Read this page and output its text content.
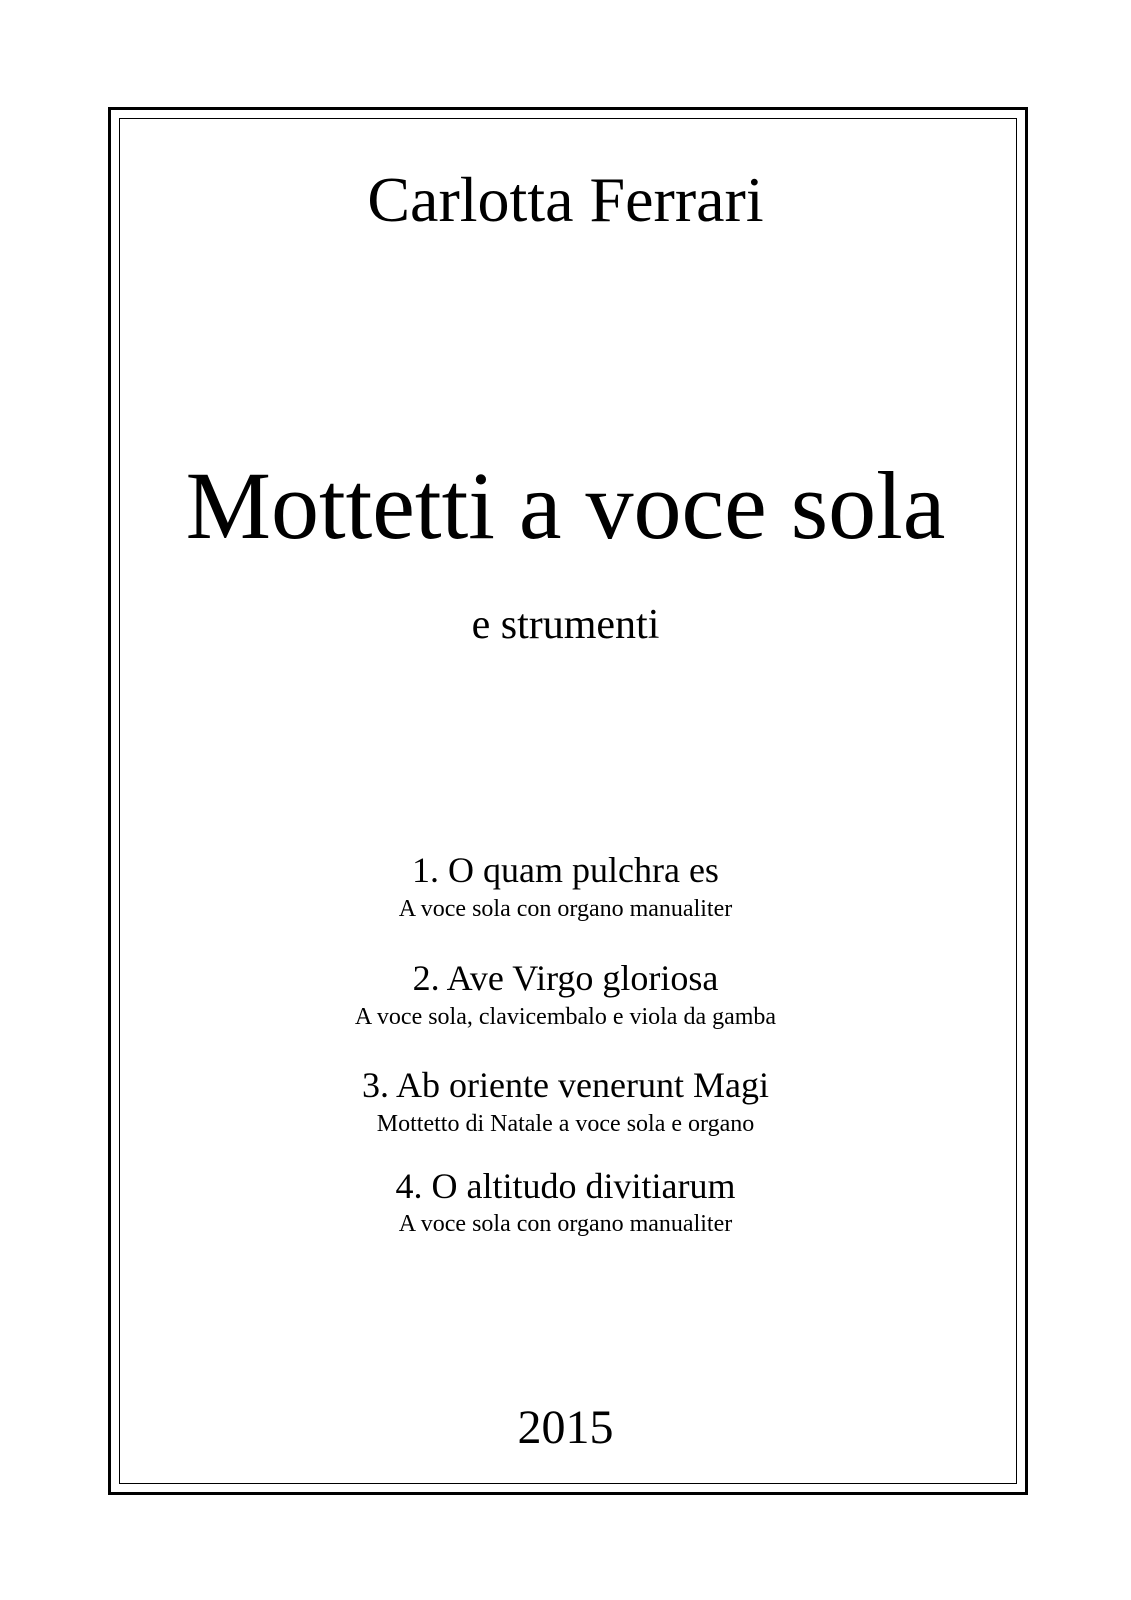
Carlotta Ferrari
Mottetti a voce sola
e strumenti
1. O quam pulchra es
A voce sola con organo manualiter
2. Ave Virgo gloriosa
A voce sola, clavicembalo e viola da gamba
3. Ab oriente venerunt Magi
Mottetto di Natale a voce sola e organo
4. O altitudo divitiarum
A voce sola con organo manualiter
2015
